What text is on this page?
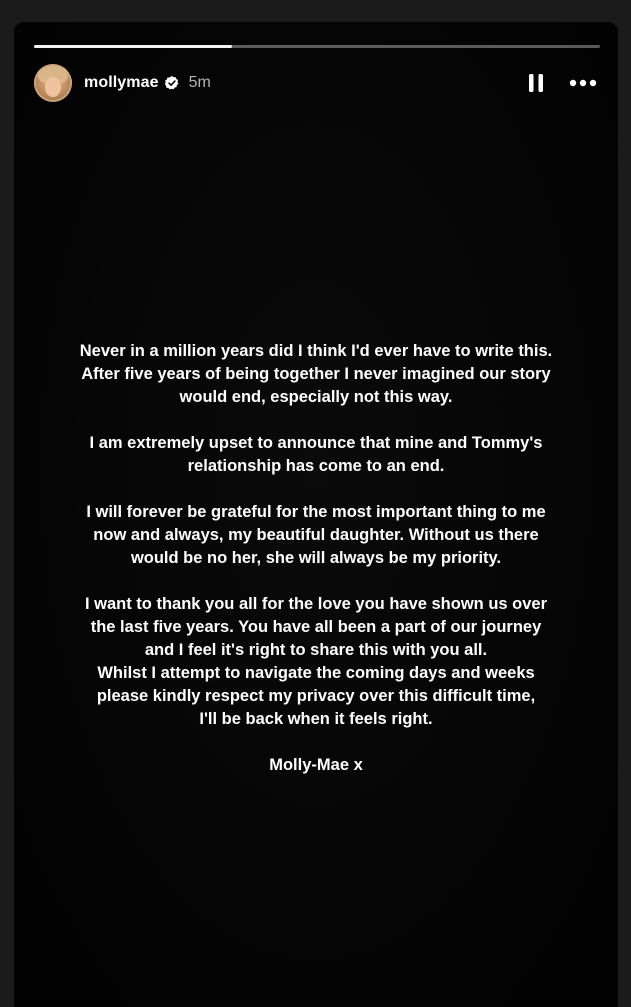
mollymae 5m

Never in a million years did I think I'd ever have to write this.
After five years of being together I never imagined our story
would end, especially not this way.

I am extremely upset to announce that mine and Tommy's
relationship has come to an end.

I will forever be grateful for the most important thing to me
now and always, my beautiful daughter. Without us there
would be no her, she will always be my priority.

I want to thank you all for the love you have shown us over
the last five years. You have all been a part of our journey
and I feel it's right to share this with you all.
Whilst I attempt to navigate the coming days and weeks
please kindly respect my privacy over this difficult time,
I'll be back when it feels right.

Molly-Mae x
